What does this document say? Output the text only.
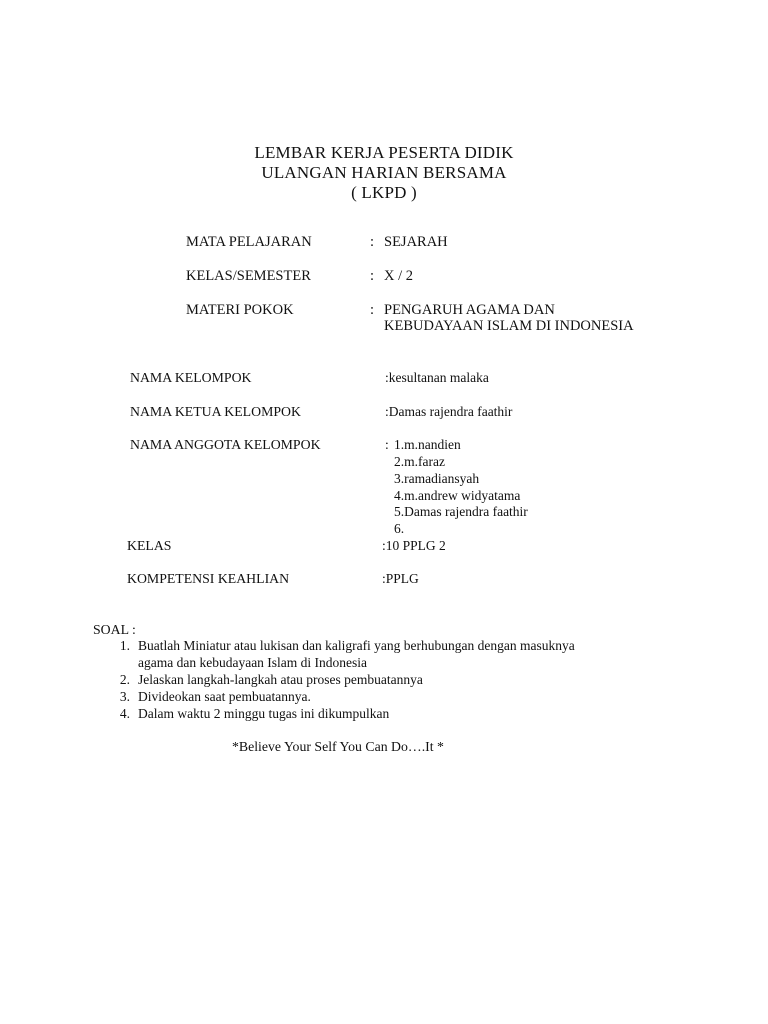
LEMBAR KERJA PESERTA DIDIK
ULANGAN HARIAN BERSAMA
( LKPD )
MATA PELAJARAN	: SEJARAH
KELAS/SEMESTER	: X / 2
MATERI POKOK	: PENGARUH AGAMA DAN
KEBUDAYAAN ISLAM DI INDONESIA
NAMA KELOMPOK	:kesultanan malaka
NAMA KETUA KELOMPOK	:Damas rajendra faathir
NAMA ANGGOTA KELOMPOK	: 1.m.nandien
2.m.faraz
3.ramadiansyah
4.m.andrew widyatama
5.Damas rajendra faathir
6.
KELAS	:10 PPLG 2
KOMPETENSI KEAHLIAN	:PPLG
SOAL :
1. Buatlah Miniatur atau lukisan dan kaligrafi yang berhubungan dengan masuknya
agama dan kebudayaan Islam di Indonesia
2. Jelaskan langkah-langkah atau proses pembuatannya
3. Divideokan saat pembuatannya.
4. Dalam waktu 2 minggu tugas ini dikumpulkan
*Believe Your Self You Can Do….It *
